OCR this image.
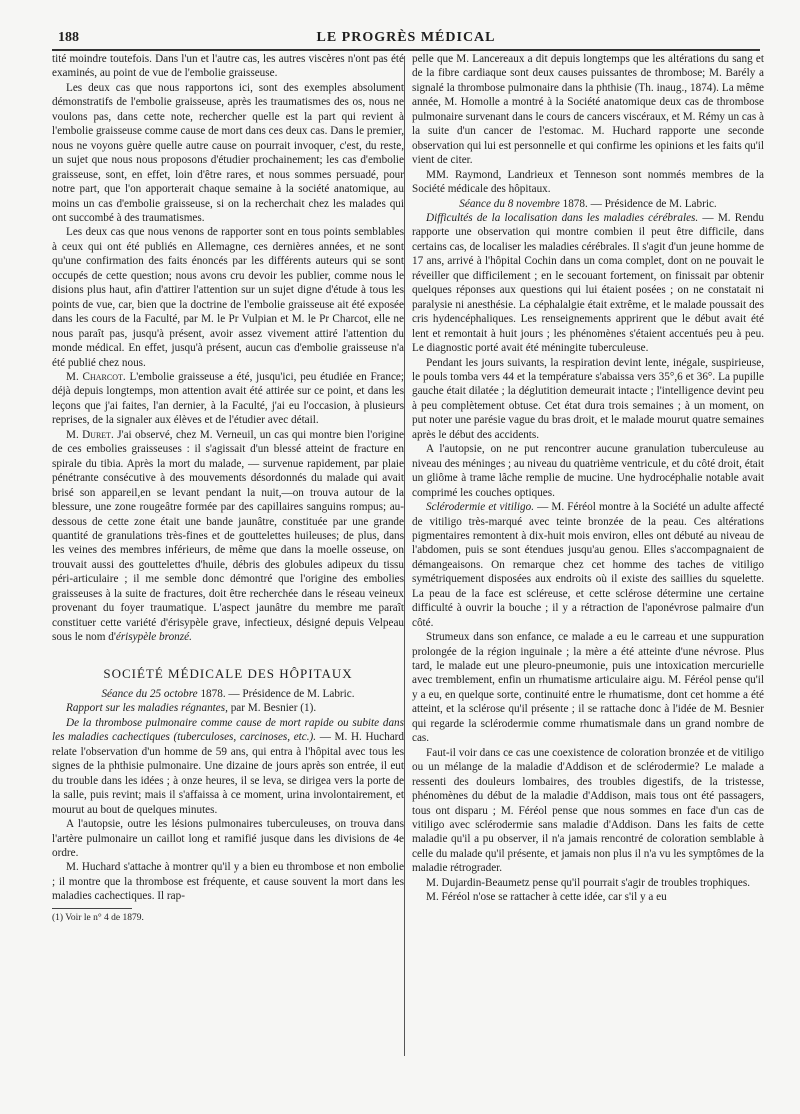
188	LE PROGRÈS MÉDICAL

tité moindre toutefois. Dans l'un et l'autre cas, les autres viscères n'ont pas été examinés, au point de vue de l'embolie graisseuse.

Les deux cas que nous rapportons ici, sont des exemples absolument démonstratifs de l'embolie graisseuse, après les traumatismes des os, nous ne voulons pas, dans cette note, rechercher quelle est la part qui revient à l'embolie graisseuse comme cause de mort dans ces deux cas. Dans le premier, nous ne voyons guère quelle autre cause on pourrait invoquer, c'est, du reste, un sujet que nous nous proposons d'étudier prochainement; les cas d'embolie graisseuse, sont, en effet, loin d'être rares, et nous sommes persuadé, pour notre part, que l'on apporterait chaque semaine à la société anatomique, au moins un cas d'embolie graisseuse, si on la recherchait chez les malades qui ont succombé à des traumatismes.

Les deux cas que nous venons de rapporter sont en tous points semblables à ceux qui ont été publiés en Allemagne, ces dernières années, et ne sont qu'une confirmation des faits énoncés par les différents auteurs qui se sont occupés de cette question; nous avons cru devoir les publier, comme nous le disions plus haut, afin d'attirer l'attention sur un sujet digne d'étude à tous les points de vue, car, bien que la doctrine de l'embolie graisseuse ait été exposée dans les cours de la Faculté, par M. le Pr Vulpian et M. le Pr Charcot, elle ne nous paraît pas, jusqu'à présent, avoir assez vivement attiré l'attention du monde médical. En effet, jusqu'à présent, aucun cas d'embolie graisseuse n'a été publié chez nous.

M. Charcot. L'embolie graisseuse a été, jusqu'ici, peu étudiée en France; déjà depuis longtemps, mon attention avait été attirée sur ce point, et dans les leçons que j'ai faites, l'an dernier, à la Faculté, j'ai eu l'occasion, à plusieurs reprises, de la signaler aux élèves et de l'étudier avec détail.

M. Duret. J'ai observé, chez M. Verneuil, un cas qui montre bien l'origine de ces embolies graisseuses : il s'agissait d'un blessé atteint de fracture en spirale du tibia. Après la mort du malade, — survenue rapidement, par plaie pénétrante consécutive à des mouvements désordonnés du malade qui avait brisé son appareil,en se levant pendant la nuit,—on trouva autour de la blessure, une zone rougeâtre formée par des capillaires sanguins rompus; au-dessous de cette zone était une bande jaunâtre, constituée par une grande quantité de granulations très-fines et de gouttelettes huileuses; de plus, dans les veines des membres inférieurs, de même que dans la moelle osseuse, on trouvait aussi des gouttelettes d'huile, débris des globules adipeux du tissu péri-articulaire ; il me semble donc démontré que l'origine des embolies graisseuses à la suite de fractures, doit être recherchée dans le réseau veineux provenant du foyer traumatique. L'aspect jaunâtre du membre me paraît constituer cette variété d'érisypèle grave, infectieux, désigné depuis Velpeau sous le nom d'érisypèle bronzé.

SOCIÉTÉ MÉDICALE DES HÔPITAUX

Séance du 25 octobre 1878. — Présidence de M. Labric.

Rapport sur les maladies régnantes, par M. Besnier (1).

De la thrombose pulmonaire comme cause de mort rapide ou subite dans les maladies cachectiques (tuberculoses, carcinoses, etc.). — M. H. Huchard relate l'observation d'un homme de 59 ans, qui entra à l'hôpital avec tous les signes de la phthisie pulmonaire. Une dizaine de jours après son entrée, il eut du trouble dans les idées ; à onze heures, il se leva, se dirigea vers la porte de la salle, puis revint; mais il s'affaissa à ce moment, urina involontairement, et mourut au bout de quelques minutes.

A l'autopsie, outre les lésions pulmonaires tuberculeuses, on trouva dans l'artère pulmonaire un caillot long et ramifié jusque dans les divisions de 4e ordre.

M. Huchard s'attache à montrer qu'il y a bien eu thrombose et non embolie ; il montre que la thrombose est fréquente, et cause souvent la mort dans les maladies cachectiques. Il rap-

(1) Voir le n° 4 de 1879.

pelle que M. Lancereaux a dit depuis longtemps que les altérations du sang et de la fibre cardiaque sont deux causes puissantes de thrombose; M. Barély a signalé la thrombose pulmonaire dans la phthisie (Th. inaug., 1874). La même année, M. Homolle a montré à la Société anatomique deux cas de thrombose pulmonaire survenant dans le cours de cancers viscéraux, et M. Rémy un cas à la suite d'un cancer de l'estomac. M. Huchard rapporte une seconde observation qui lui est personnelle et qui confirme les opinions et les faits qu'il vient de citer.

MM. Raymond, Landrieux et Tenneson sont nommés membres de la Société médicale des hôpitaux.

Séance du 8 novembre 1878. — Présidence de M. Labric.

Difficultés de la localisation dans les maladies cérébrales. — M. Rendu rapporte une observation qui montre combien il peut être difficile, dans certains cas, de localiser les maladies cérébrales. Il s'agit d'un jeune homme de 17 ans, arrivé à l'hôpital Cochin dans un coma complet, dont on ne pouvait le réveiller que difficilement ; en le secouant fortement, on finissait par obtenir quelques réponses aux questions qui lui étaient posées ; on ne constatait ni paralysie ni anesthésie. La céphalalgie était extrême, et le malade poussait des cris hydencéphaliques. Les renseignements apprirent que le début avait été lent et remontait à huit jours ; les phénomènes s'étaient accentués peu à peu. Le diagnostic porté avait été méningite tuberculeuse.

Pendant les jours suivants, la respiration devint lente, inégale, suspirieuse, le pouls tomba vers 44 et la température s'abaissa vers 35°,6 et 36°. La pupille gauche était dilatée ; la déglutition demeurait intacte ; l'intelligence devint peu à peu complètement obtuse. Cet état dura trois semaines ; à un moment, on put noter une parésie vague du bras droit, et le malade mourut quatre semaines après le début des accidents.

A l'autopsie, on ne put rencontrer aucune granulation tuberculeuse au niveau des méninges ; au niveau du quatrième ventricule, et du côté droit, était un gliôme à trame lâche remplie de mucine. Une hydrocéphalie notable avait comprimé les couches optiques.

Sclérodermie et vitiligo. — M. Féréol montre à la Société un adulte affecté de vitiligo très-marqué avec teinte bronzée de la peau. Ces altérations pigmentaires remontent à dix-huit mois environ, elles ont débuté au niveau de l'abdomen, puis se sont étendues jusqu'au genou. Elles s'accompagnaient de démangeaisons. On remarque chez cet homme des taches de vitiligo symétriquement disposées aux endroits où il existe des saillies du squelette. La peau de la face est scléreuse, et cette sclérose détermine une certaine difficulté à ouvrir la bouche ; il y a rétraction de l'aponévrose palmaire d'un côté.

Strumeux dans son enfance, ce malade a eu le carreau et une suppuration prolongée de la région inguinale ; la mère a été atteinte d'une névrose. Plus tard, le malade eut une pleuro-pneumonie, puis une intoxication mercurielle avec tremblement, enfin un rhumatisme articulaire aigu. M. Féréol pense qu'il y a eu, en quelque sorte, continuité entre le rhumatisme, dont cet homme a été atteint, et la sclérose qu'il présente ; il se rattache donc à l'idée de M. Besnier qui regarde la sclérodermie comme rhumatismale dans un grand nombre de cas.

Faut-il voir dans ce cas une coexistence de coloration bronzée et de vitiligo ou un mélange de la maladie d'Addison et de sclérodermie? Le malade a ressenti des douleurs lombaires, des troubles digestifs, de la tristesse, phénomènes du début de la maladie d'Addison, mais tous ont été passagers, tous ont disparu ; M. Féréol pense que nous sommes en face d'un cas de vitiligo avec sclérodermie sans maladie d'Addison. Dans les faits de cette maladie qu'il a pu observer, il n'a jamais rencontré de coloration semblable à celle du malade qu'il présente, et jamais non plus il n'a vu les symptômes de la maladie rétrograder.

M. Dujardin-Beaumetz pense qu'il pourrait s'agir de troubles trophiques.

M. Féréol n'ose se rattacher à cette idée, car s'il y a eu
